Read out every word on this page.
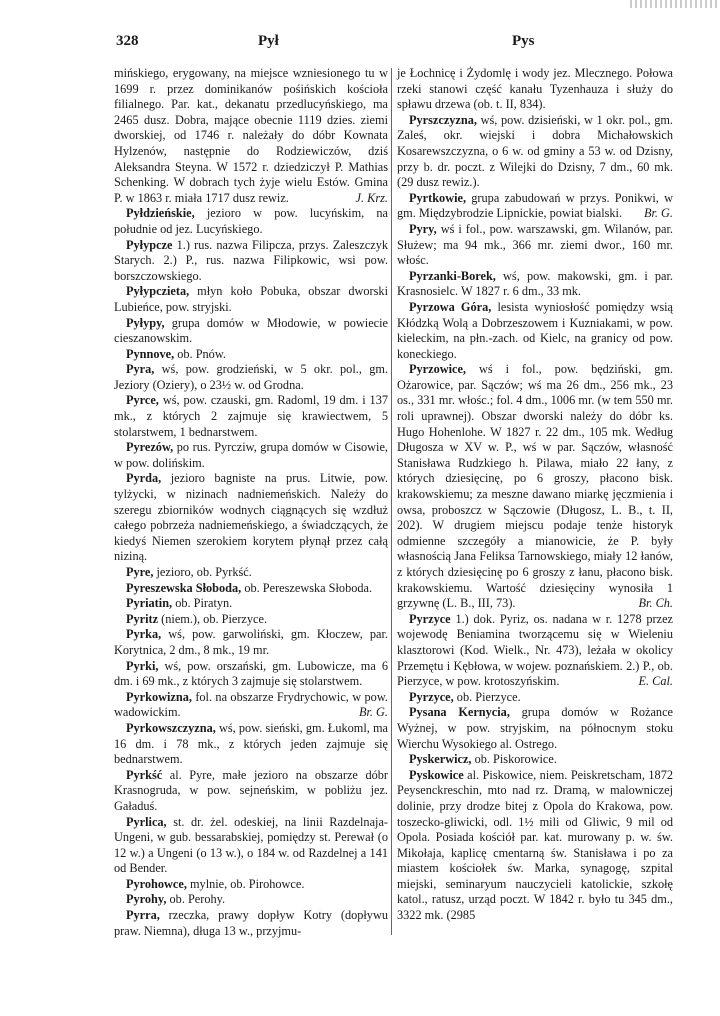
328	Pył	Pys

mińskiego, erygowany, na miejsce wzniesionego tu w 1699 r. przez dominikanów pośińskich kościoła filialnego. Par. kat., dekanatu przedlucyńskiego, ma 2465 dusz. Dobra, mające obecnie 1119 dzies. ziemi dworskiej, od 1746 r. należały do dóbr Kownata Hylzenów, następnie do Rodziewiczów, dziś Aleksandra Steyna. W 1572 r. dziedziczył P. Mathias Schenking. W dobrach tych żyje wielu Estów. Gmina P. w 1863 r. miała 1717 dusz rewiz.	J. Krz.

Pyłdzieńskie, jezioro w pow. lucyńskim, na południe od jez. Lucyńskiego.

Pyłypcze 1.) rus. nazwa Filipcza, przys. Zaleszczyk Starych. 2.) P., rus. nazwa Filipkowic, wsi pow. borszczowskiego.

Pyłypczieta, młyn koło Pobuka, obszar dworski Lubieńce, pow. stryjski.

Pyłypy, grupa domów w Młodowie, w powiecie cieszanowskim.

Pynnove, ob. Pnów.

Pyra, wś, pow. grodzieński, w 5 okr. pol., gm. Jeziory (Oziery), o 23½ w. od Grodna.

Pyrce, wś, pow. czauski, gm. Radoml, 19 dm. i 137 mk., z których 2 zajmuje się krawiectwem, 5 stolarstwem, 1 bednarstwem.

Pyrezów, po rus. Pyrcziw, grupa domów w Cisowie, w pow. dolińskim.

Pyrda, jezioro bagniste na prus. Litwie, pow. tylżycki, w nizinach nadniemeńskich. Należy do szeregu zbiorników wodnych ciągnących się wzdłuż całego pobrzeża nadniemeńskiego, a świadczących, że kiedyś Niemen szerokiem korytem płynął przez całą niziną.

Pyre, jezioro, ob. Pyrkść.

Pyreszewska Słoboda, ob. Pereszewska Słoboda.

Pyriatin, ob. Piratyn.

Pyritz (niem.), ob. Pierzyce.

Pyrka, wś, pow. garwoliński, gm. Kłoczew, par. Korytnica, 2 dm., 8 mk., 19 mr.

Pyrki, wś, pow. orszański, gm. Lubowicze, ma 6 dm. i 69 mk., z których 3 zajmuje się stolarstwem.

Pyrkowizna, fol. na obszarze Frydrychowic, w pow. wadowickim.	Br. G.

Pyrkowszczyzna, wś, pow. sieński, gm. Łukoml, ma 16 dm. i 78 mk., z których jeden zajmuje się bednarstwem.

Pyrkść al. Pyre, małe jezioro na obszarze dóbr Krasnogruda, w pow. sejneńskim, w pobliżu jez. Gaładuś.

Pyrlica, st. dr. żel. odeskiej, na linii Razdelnaja-Ungeni, w gub. bessarabskiej, pomiędzy st. Perewał (o 12 w.) a Ungeni (o 13 w.), o 184 w. od Razdelnej a 141 od Bender.

Pyrohowce, mylnie, ob. Pirohowce.

Pyrohy, ob. Perohy.

Pyrra, rzeczka, prawy dopływ Kotry (dopływu praw. Niemna), długa 13 w., przyjmu-

je Łochnicę i Żydomlę i wody jez. Mlecznego. Połowa rzeki stanowi część kanału Tyzenhauza i służy do spławu drzewa (ob. t. II, 834).

Pyrszczyzna, wś, pow. dzisieński, w 1 okr. pol., gm. Zaleś, okr. wiejski i dobra Michałowskich Kosarewszczyzna, o 6 w. od gminy a 53 w. od Dzisny, przy b. dr. poczt. z Wilejki do Dzisny, 7 dm., 60 mk. (29 dusz rewiz.).

Pyrtkowie, grupa zabudowań w przys. Ponikwi, w gm. Międzybrodzie Lipnickie, powiat bialski.	Br. G.

Pyry, wś i fol., pow. warszawski, gm. Wilanów, par. Służew; ma 94 mk., 366 mr. ziemi dwor., 160 mr. włośc.

Pyrzanki-Borek, wś, pow. makowski, gm. i par. Krasnosielc. W 1827 r. 6 dm., 33 mk.

Pyrzowa Góra, lesista wyniosłość pomiędzy wsią Kłódzką Wolą a Dobrzeszowem i Kuzniakami, w pow. kieleckim, na płn.-zach. od Kielc, na granicy od pow. koneckiego.

Pyrzowice, wś i fol., pow. będziński, gm. Ożarowice, par. Sączów; wś ma 26 dm., 256 mk., 23 os., 331 mr. włośc.; fol. 4 dm., 1006 mr. (w tem 550 mr. roli uprawnej). Obszar dworski należy do dóbr ks. Hugo Hohenlohe. W 1827 r. 22 dm., 105 mk. Według Długosza w XV w. P., wś w par. Sączów, własność Stanisława Rudzkiego h. Pilawa, miało 22 łany, z których dziesięcinę, po 6 groszy, płacono bisk. krakowskiemu; za meszne dawano miarkę jęczmienia i owsa, proboszcz w Sączowie (Długosz, L. B., t. II, 202). W drugiem miejscu podaje tenże historyk odmienne szczegóły a mianowicie, że P. były własnością Jana Feliksa Tarnowskiego, miały 12 łanów, z których dziesięcinę po 6 groszy z łanu, płacono bisk. krakowskiemu. Wartość dziesięciny wynosiła 1 grzywnę (L. B., III, 73).	Br. Ch.

Pyrzyce 1.) dok. Pyriz, os. nadana w r. 1278 przez wojewodę Beniamina tworzącemu się w Wieleniu klasztorowi (Kod. Wielk., Nr. 473), leżała w okolicy Przemętu i Kębłowa, w wojew. poznańskiem. 2.) P., ob. Pierzyce, w pow. krotoszyńskim.	E. Cal.

Pyrzyce, ob. Pierzyce.

Pysana Kernycia, grupa domów w Rożance Wyżnej, w pow. stryjskim, na północnym stoku Wierchu Wysokiego al. Ostrego.

Pyskerwicz, ob. Piskorowice.

Pyskowice al. Piskowice, niem. Peiskretscham, 1872 Peysenckreschin, mto nad rz. Dramą, w malowniczej dolinie, przy drodze bitej z Opola do Krakowa, pow. toszecko-gliwicki, odl. 1½ mili od Gliwic, 9 mil od Opola. Posiada kościół par. kat. murowany p. w. św. Mikołaja, kaplicę cmentarną św. Stanisława i po za miastem kościołek św. Marka, synagogę, szpital miejski, seminaryum nauczycieli katolickie, szkołę katol., ratusz, urząd poczt. W 1842 r. było tu 345 dm., 3322 mk. (2985
